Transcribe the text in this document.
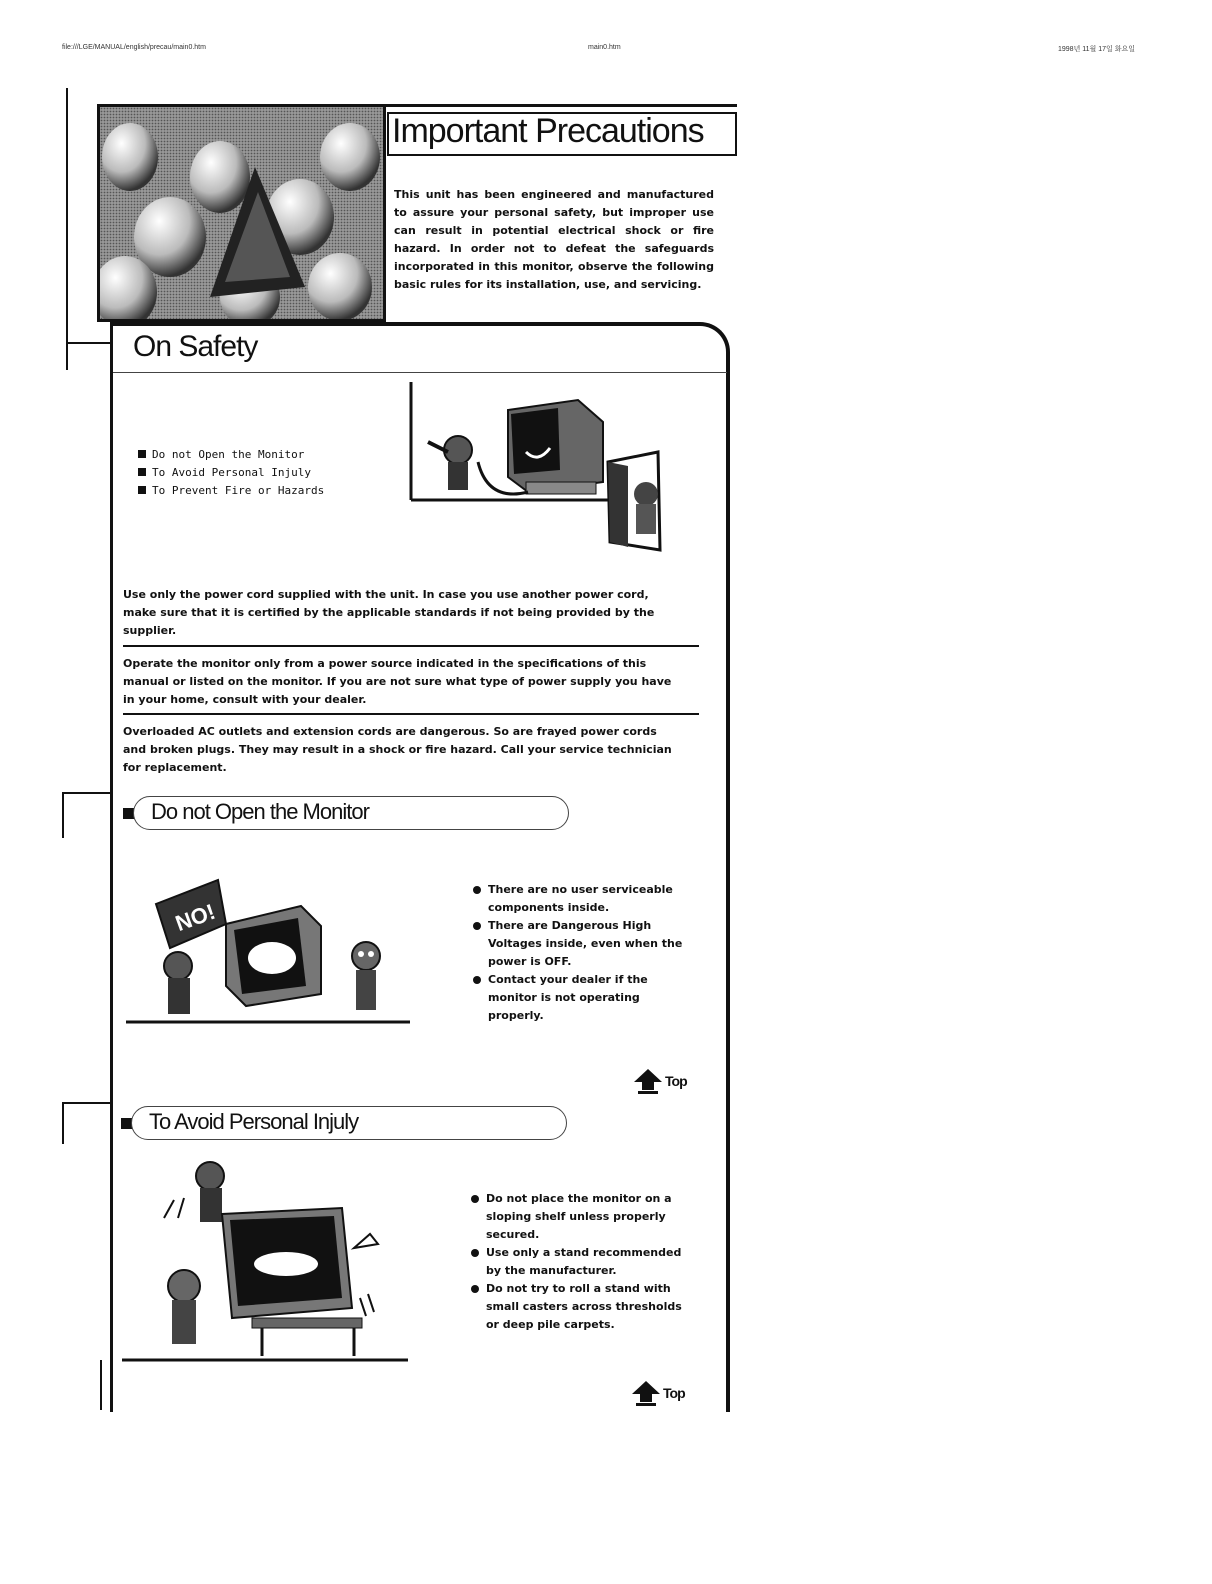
file:///LGE/MANUAL/english/precau/main0.htm	main0.htm	1998년 11월 17일 화요일
Important Precautions
This unit has been engineered and manufactured to assure your personal safety, but improper use can result in potential electrical shock or fire hazard. In order not to defeat the safeguards incorporated in this monitor, observe the following basic rules for its installation, use, and servicing.
On Safety
Do not Open the Monitor
To Avoid Personal Injuly
To Prevent Fire or Hazards
Use only the power cord supplied with the unit. In case you use another power cord, make sure that it is certified by the applicable standards if not being provided by the supplier.
Operate the monitor only from a power source indicated in the specifications of this manual or listed on the monitor. If you are not sure what type of power supply you have in your home, consult with your dealer.
Overloaded AC outlets and extension cords are dangerous. So are frayed power cords and broken plugs. They may result in a shock or fire hazard. Call your service technician for replacement.
Do not Open the Monitor
NO!
There are no user serviceable components inside.
There are Dangerous High Voltages inside, even when the power is OFF.
Contact your dealer if the monitor is not operating properly.
Top
To Avoid Personal Injuly
Do not place the monitor on a sloping shelf unless properly secured.
Use only a stand recommended by the manufacturer.
Do not try to roll a stand with small casters across thresholds or deep pile carpets.
Top
